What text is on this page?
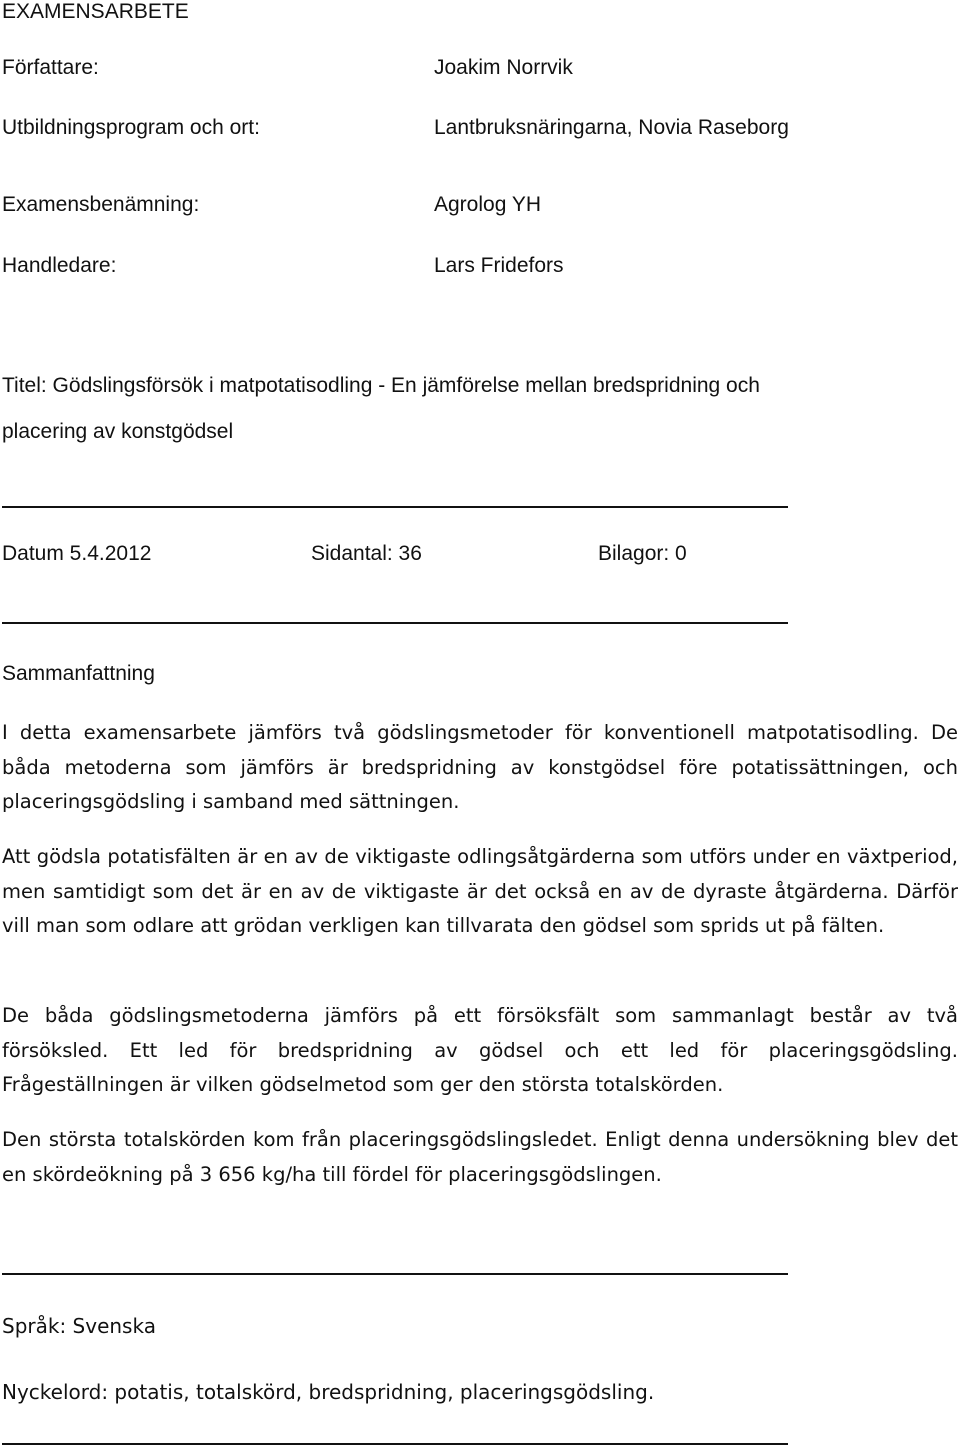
EXAMENSARBETE
Författare:	Joakim Norrvik
Utbildningsprogram och ort:	Lantbruksnäringarna, Novia Raseborg
Examensbenämning:	Agrolog YH
Handledare:	Lars Fridefors
Titel: Gödslingsförsök i matpotatisodling - En jämförelse mellan bredspridning och
placering av konstgödsel
Datum 5.4.2012	Sidantal: 36	Bilagor: 0
Sammanfattning

I detta examensarbete jämförs två gödslingsmetoder för konventionell matpotatisodling. De båda metoderna som jämförs är bredspridning av konstgödsel före potatissättningen, och placeringsgödsling i samband med sättningen.

Att gödsla potatisfälten är en av de viktigaste odlingsåtgärderna som utförs under en växtperiod, men samtidigt som det är en av de viktigaste är det också en av de dyraste åtgärderna. Därför vill man som odlare att grödan verkligen kan tillvarata den gödsel som sprids ut på fälten.

De båda gödslingsmetoderna jämförs på ett försöksfält som sammanlagt består av två försöksled. Ett led för bredspridning av gödsel och ett led för placeringsgödsling. Frågeställningen är vilken gödselmetod som ger den största totalskörden.

Den största totalskörden kom från placeringsgödslingsledet. Enligt denna undersökning blev det en skördeökning på 3 656 kg/ha till fördel för placeringsgödslingen.

Språk: Svenska
Nyckelord: potatis, totalskörd, bredspridning, placeringsgödsling.
